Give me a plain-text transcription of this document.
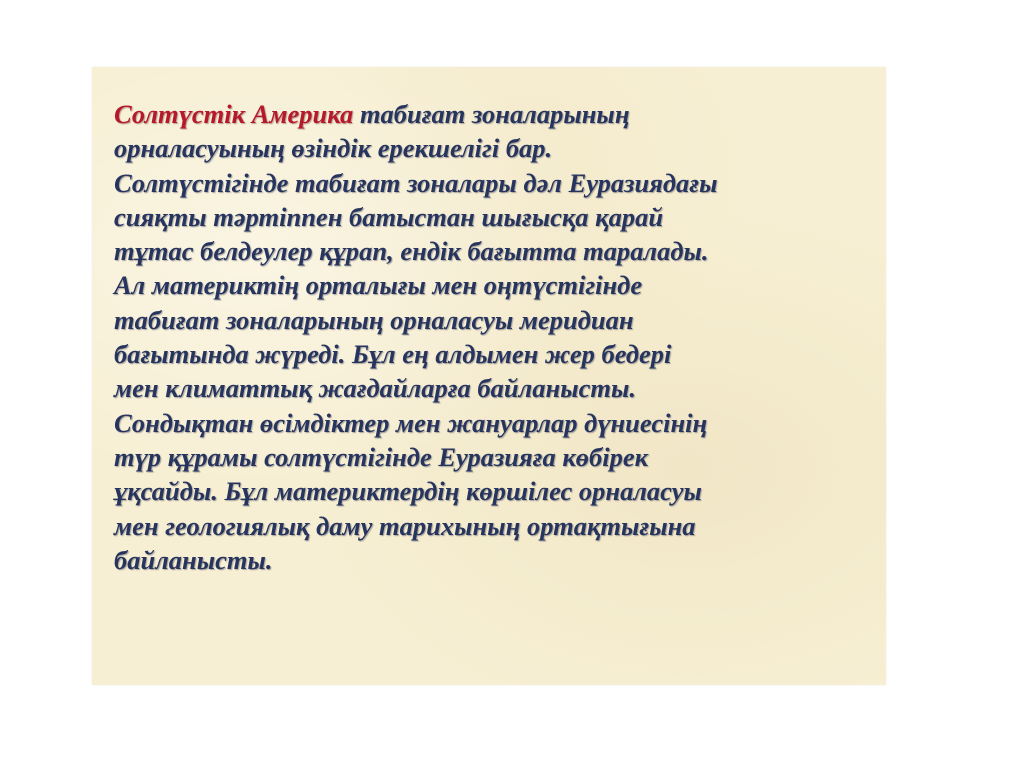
Солтүстік Америка табиғат зоналарының
орналасуының өзіндік ерекшелігі бар.
Солтүстігінде табиғат зоналары дәл Еуразиядағы
сияқты тәртіппен батыстан шығысқа қарай
тұтас белдеулер құрап, ендік бағытта таралады.
Ал материктің орталығы мен оңтүстігінде
табиғат зоналарының орналасуы меридиан
бағытында жүреді. Бұл ең алдымен жер бедері
мен климаттық жағдайларға байланысты.
Сондықтан өсімдіктер мен жануарлар дүниесінің
түр құрамы солтүстігінде Еуразияға көбірек
ұқсайды. Бұл материктердің көршілес орналасуы
мен геологиялық даму тарихының ортақтығына
байланысты.
